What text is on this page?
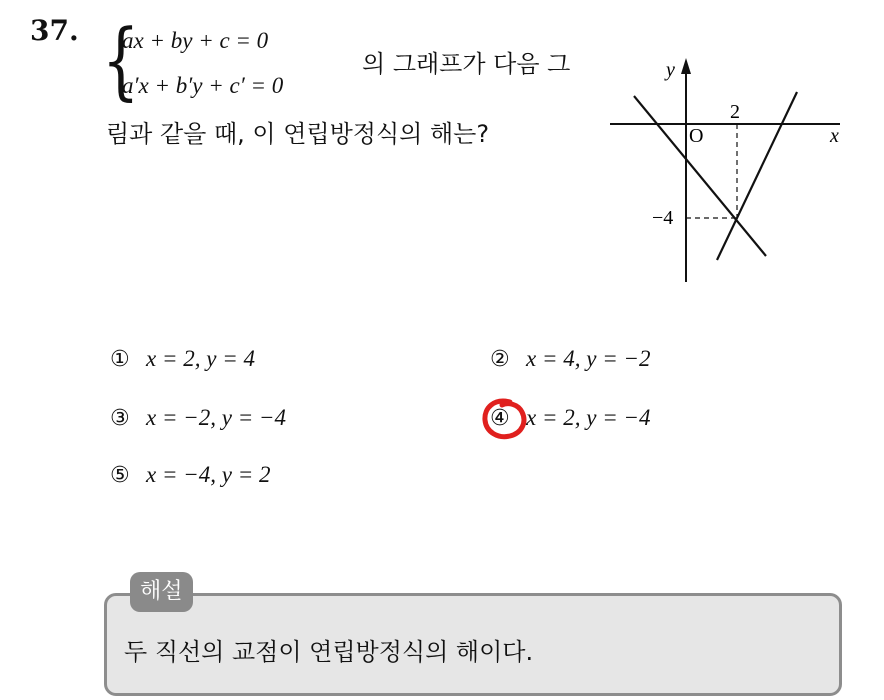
37. {
ax + by + c = 0
a′x + b′y + c′ = 0
의 그래프가 다음 그
림과 같을 때, 이 연립방정식의 해는?
y
x
O
2
−4
① x = 2, y = 4	② x = 4, y = −2
③ x = −2, y = −4	④ x = 2, y = −4
⑤ x = −4, y = 2
해설
두 직선의 교점이 연립방정식의 해이다.
